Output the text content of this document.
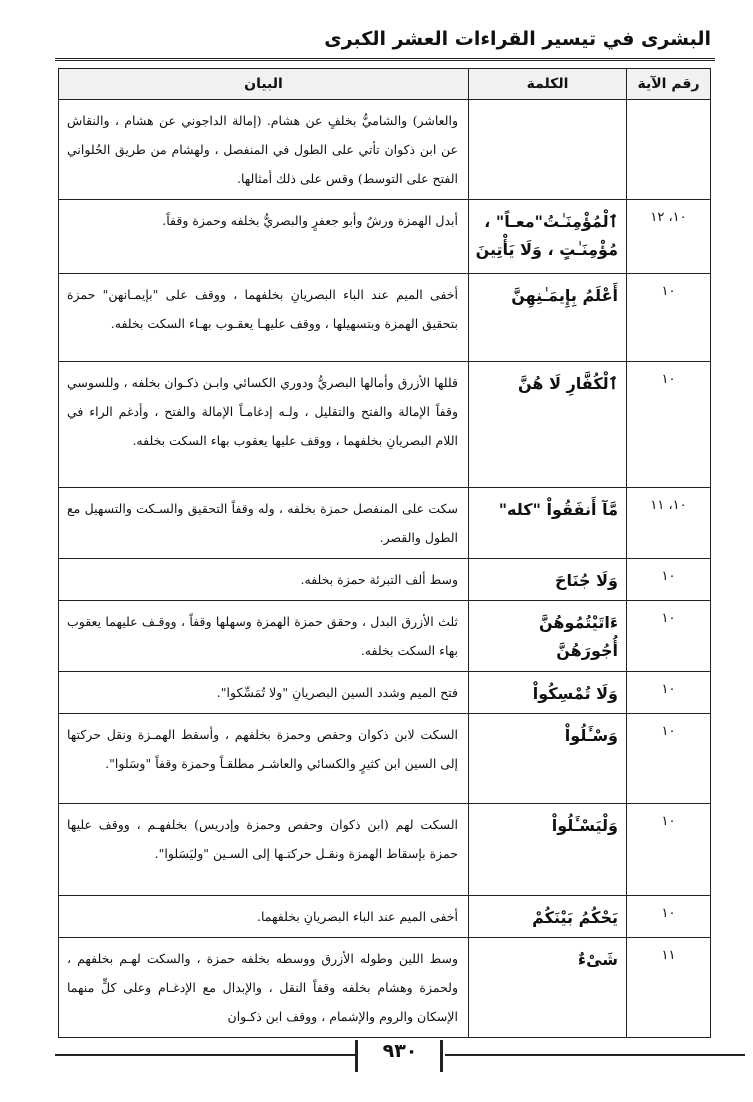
البشرى في تيسير القراءات العشر الكبرى
رقم الآية	الكلمة	البيان
		والعاشر) والشاميُّ بخلفٍ عن هشام. (إمالة الداجوني عن هشام ، والنقاش عن ابن ذكوان تأتي على الطول في المنفصل ، ولهشام من طريق الحُلواني الفتح على التوسط) وقس على ذلك أمثالها.
١٠، ١٢	ٱلْمُؤْمِنَـٰتُ"معـاً" ، مُؤْمِنَـٰتٍ ، وَلَا يَأْتِينَ	أبدل الهمزة ورشٌ وأبو جعفرٍ والبصريُّ بخلفه وحمزة وقفاً.
١٠	أَعْلَمُ بِإِيمَـٰنِهِنَّ	أخفى الميم عند الباء البصريانِ بخلفهما ، ووقف على "بإيمـانهن" حمزة بتحقيق الهمزة وبتسهيلها ، ووقف عليهـا يعقـوب بهـاء السكت بخلفه.
١٠	ٱلْكُفَّارِ لَا هُنَّ	قللها الأزرق وأمالها البصريُّ ودوري الكسائي وابـن ذكـوان بخلفه ، وللسوسي وقفاً الإمالة والفتح والتقليل ، ولـه إدغامـاً الإمالة والفتح ، وأدغم الراء في اللام البصريانِ بخلفهما ، ووقف عليها يعقوب بهاء السكت بخلفه.
١٠، ١١	مَّآ أَنفَقُواْ "كله"	سكت على المنفصل حمزة بخلفه ، وله وقفاً التحقيق والسـكت والتسهيل مع الطول والقصر.
١٠	وَلَا جُنَاحَ	وسط ألف التبرئة حمزة بخلفه.
١٠	ءَاتَيْتُمُوهُنَّ أُجُورَهُنَّ	ثلث الأزرق البدل ، وحقق حمزة الهمزة وسهلها وقفاً ، ووقـف عليهما يعقوب بهاء السكت بخلفه.
١٠	وَلَا تُمْسِكُواْ	فتح الميم وشدد السين البصريانِ "ولا تُمَسِّكوا".
١٠	وَسْـَٔلُواْ	السكت لابن ذكوان وحفص وحمزة بخلفهم ، وأسقط الهمـزة ونقل حركتها إلى السين ابن كثيرٍ والكسائي والعاشـر مطلقـاً وحمزة وقفاً "وسَلوا".
١٠	وَلْيَسْـَٔلُواْ	السكت لهم (ابن ذكوان وحفص وحمزة وإدريس) بخلفهـم ، ووقف عليها حمزة بإسقاط الهمزة ونقـل حركتـها إلى السـين "وليَسَلوا".
١٠	يَحْكُمُ بَيْنَكُمْ	أخفى الميم عند الباء البصريانِ بخلفهما.
١١	شَىْءٌ	وسط اللين وطوله الأزرق ووسطه بخلفه حمزة ، والسكت لهـم بخلفهم ، ولحمزة وهشام بخلفه وقفاً النقل ، والإبدال مع الإدغـام وعلى كلٍّ منهما الإسكان والروم والإشمام ، ووقف ابن ذكـوان
٩٣٠
